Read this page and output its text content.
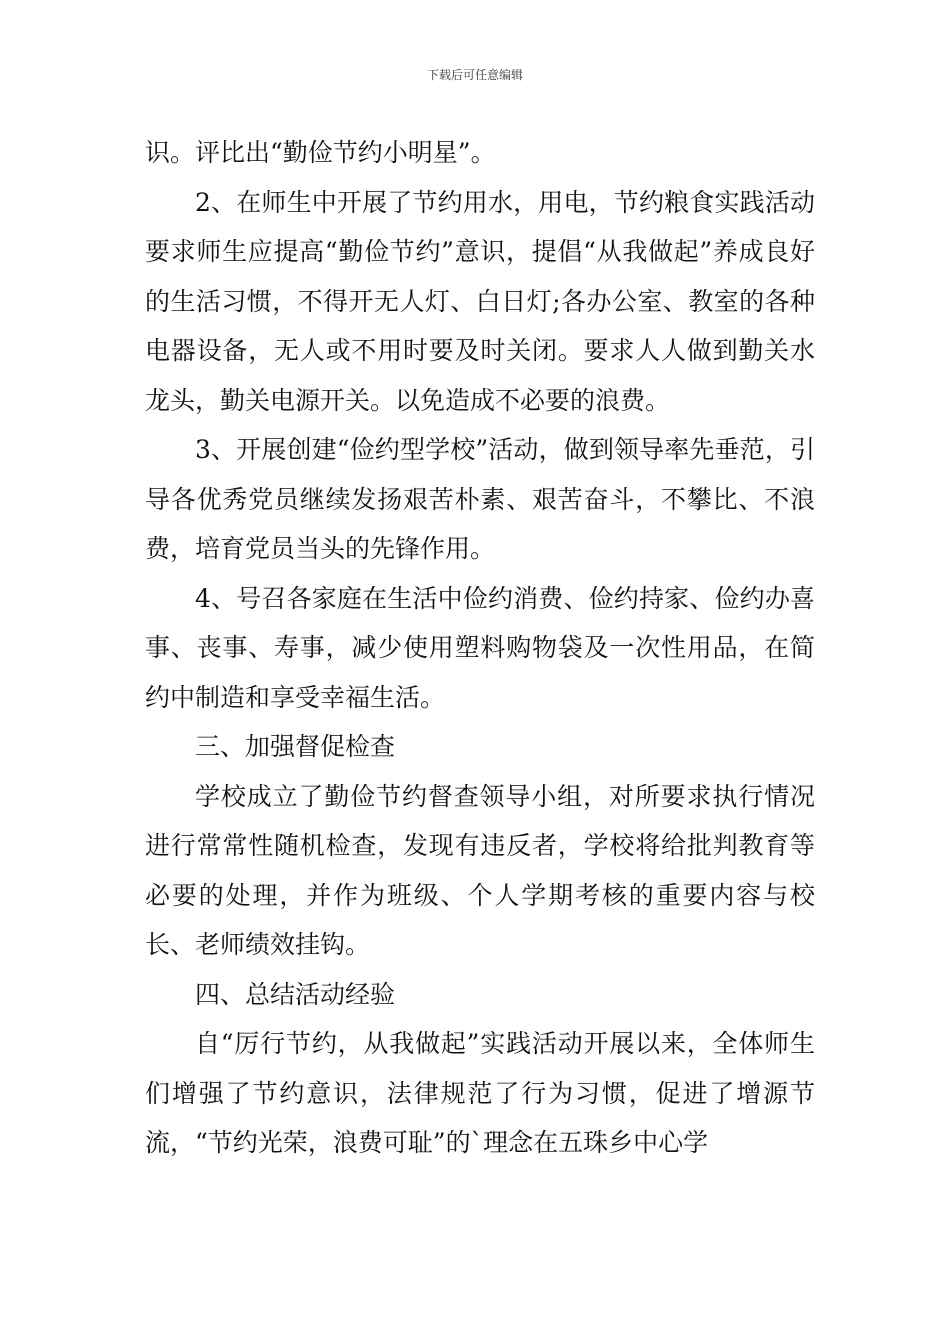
下载后可任意编辑

识。评比出“勤俭节约小明星”。

2、在师生中开展了节约用水，用电，节约粮食实践活动要求师生应提高“勤俭节约”意识，提倡“从我做起”养成良好的生活习惯，不得开无人灯、白日灯;各办公室、教室的各种电器设备，无人或不用时要及时关闭。要求人人做到勤关水龙头，勤关电源开关。以免造成不必要的浪费。

3、开展创建“俭约型学校”活动，做到领导率先垂范，引导各优秀党员继续发扬艰苦朴素、艰苦奋斗，不攀比、不浪费，培育党员当头的先锋作用。

4、号召各家庭在生活中俭约消费、俭约持家、俭约办喜事、丧事、寿事，减少使用塑料购物袋及一次性用品，在简约中制造和享受幸福生活。

三、加强督促检查

学校成立了勤俭节约督查领导小组，对所要求执行情况进行常常性随机检查，发现有违反者，学校将给批判教育等必要的处理，并作为班级、个人学期考核的重要内容与校长、老师绩效挂钩。

四、总结活动经验

自“厉行节约，从我做起”实践活动开展以来，全体师生们增强了节约意识，法律规范了行为习惯，促进了增源节流，“节约光荣，浪费可耻”的`理念在五珠乡中心学
